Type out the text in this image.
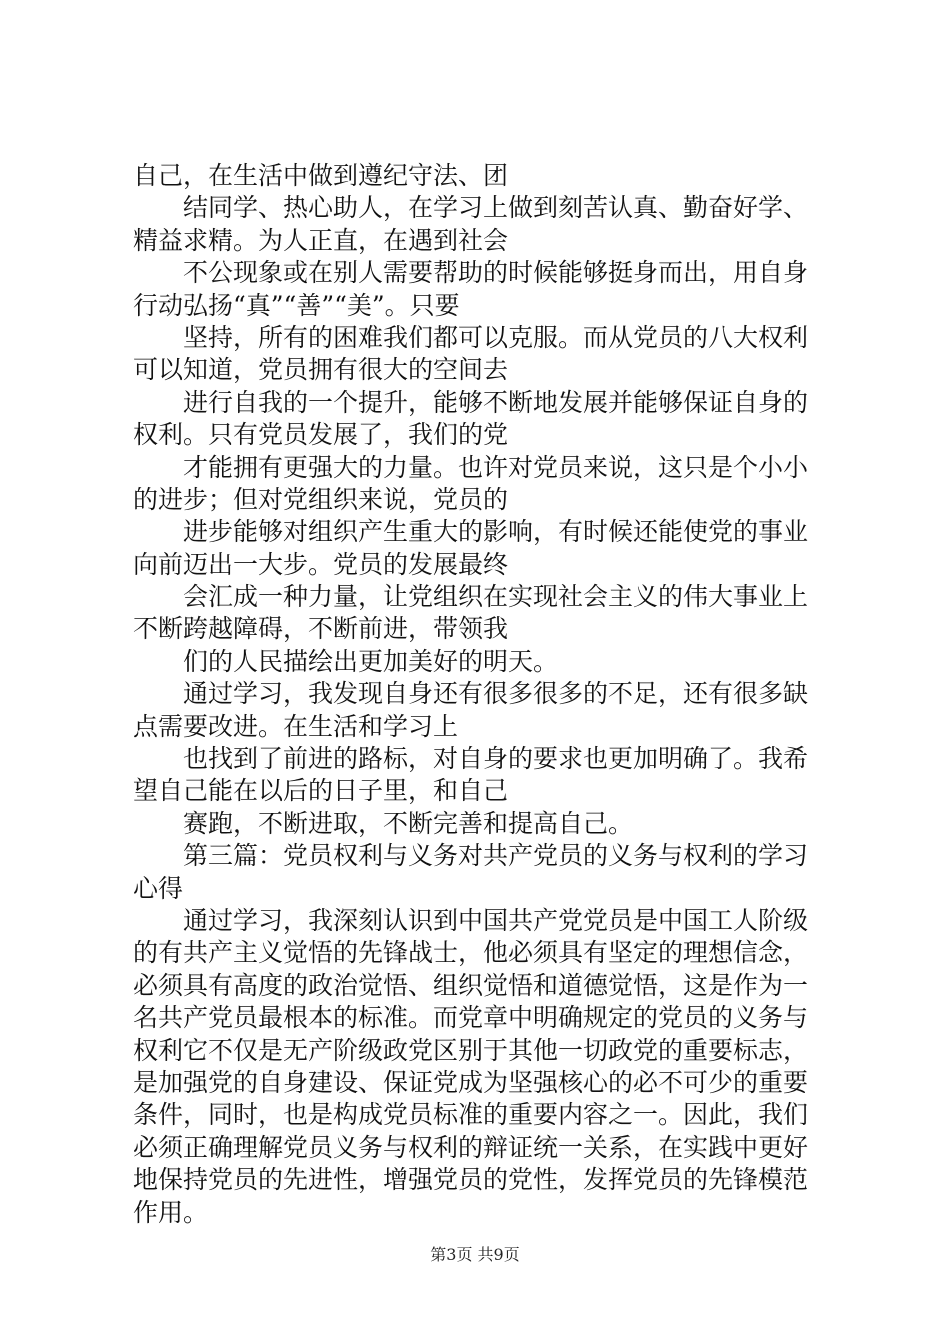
自己，在生活中做到遵纪守法、团
结同学、热心助人，在学习上做到刻苦认真、勤奋好学、
精益求精。为人正直，在遇到社会
不公现象或在别人需要帮助的时候能够挺身而出，用自身
行动弘扬“真”“善”“美”。只要
坚持，所有的困难我们都可以克服。而从党员的八大权利
可以知道，党员拥有很大的空间去
进行自我的一个提升，能够不断地发展并能够保证自身的
权利。只有党员发展了，我们的党
才能拥有更强大的力量。也许对党员来说，这只是个小小
的进步；但对党组织来说，党员的
进步能够对组织产生重大的影响，有时候还能使党的事业
向前迈出一大步。党员的发展最终
会汇成一种力量，让党组织在实现社会主义的伟大事业上
不断跨越障碍，不断前进，带领我
们的人民描绘出更加美好的明天。
通过学习，我发现自身还有很多很多的不足，还有很多缺
点需要改进。在生活和学习上
也找到了前进的路标，对自身的要求也更加明确了。我希
望自己能在以后的日子里，和自己
赛跑，不断进取，不断完善和提高自己。
第三篇：党员权利与义务对共产党员的义务与权利的学习
心得
通过学习，我深刻认识到中国共产党党员是中国工人阶级
的有共产主义觉悟的先锋战士，他必须具有坚定的理想信念，
必须具有高度的政治觉悟、组织觉悟和道德觉悟，这是作为一
名共产党员最根本的标准。而党章中明确规定的党员的义务与
权利它不仅是无产阶级政党区别于其他一切政党的重要标志，
是加强党的自身建设、保证党成为坚强核心的必不可少的重要
条件，同时，也是构成党员标准的重要内容之一。因此，我们
必须正确理解党员义务与权利的辩证统一关系，在实践中更好
地保持党员的先进性，增强党员的党性，发挥党员的先锋模范
作用。
第3页 共9页
